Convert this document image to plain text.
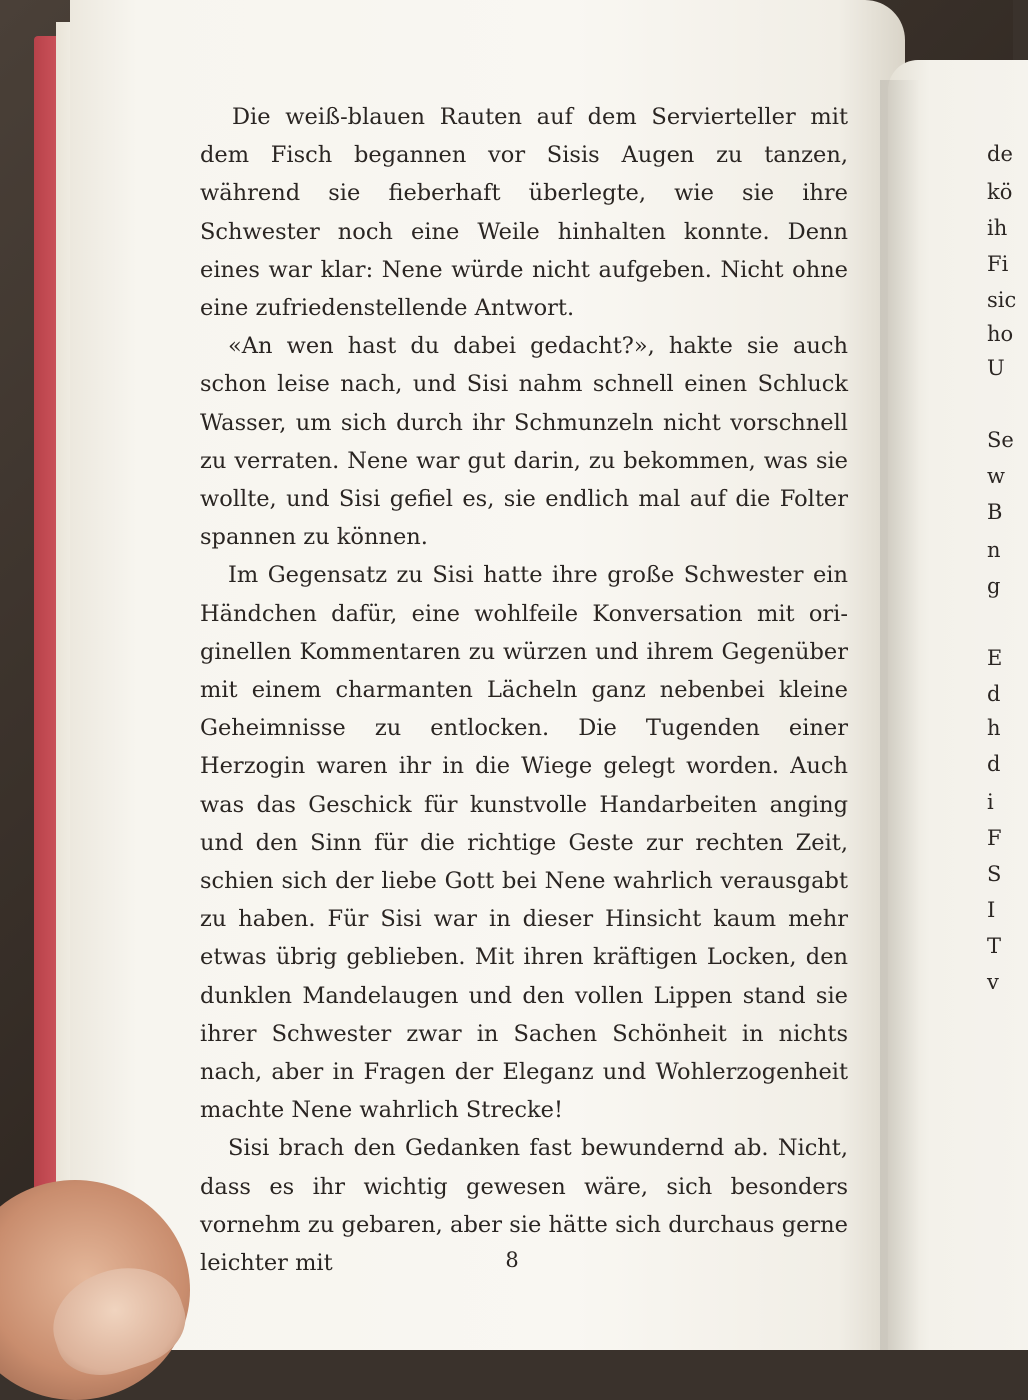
Die weiß-blauen Rauten auf dem Servierteller mit dem Fisch begannen vor Sisis Augen zu tanzen, während sie fieberhaft überlegte, wie sie ihre Schwester noch eine Weile hinhalten konnte. Denn eines war klar: Nene würde nicht aufgeben. Nicht ohne eine zufriedenstellende Antwort.

«An wen hast du dabei gedacht?», hakte sie auch schon leise nach, und Sisi nahm schnell einen Schluck Wasser, um sich durch ihr Schmunzeln nicht vorschnell zu verraten. Nene war gut darin, zu bekommen, was sie wollte, und Sisi gefiel es, sie endlich mal auf die Folter spannen zu können.

Im Gegensatz zu Sisi hatte ihre große Schwester ein Händchen dafür, eine wohlfeile Konversation mit originellen Kommentaren zu würzen und ihrem Gegenüber mit einem charmanten Lächeln ganz nebenbei kleine Geheimnisse zu entlocken. Die Tugenden einer Herzogin waren ihr in die Wiege gelegt worden. Auch was das Geschick für kunstvolle Handarbeiten anging und den Sinn für die richtige Geste zur rechten Zeit, schien sich der liebe Gott bei Nene wahrlich verausgabt zu haben. Für Sisi war in dieser Hinsicht kaum mehr etwas übrig geblieben. Mit ihren kräftigen Locken, den dunklen Mandelaugen und den vollen Lippen stand sie ihrer Schwester zwar in Sachen Schönheit in nichts nach, aber in Fragen der Eleganz und Wohlerzogenheit machte Nene wahrlich Strecke!

Sisi brach den Gedanken fast bewundernd ab. Nicht, dass es ihr wichtig gewesen wäre, sich besonders vornehm zu gebaren, aber sie hätte sich durchaus gerne leichter mit	8
de
kö
ih
Fi
sic
ho
U
Se
w
B
n
g
E
d
h
d
i
F
S
I
T
v
